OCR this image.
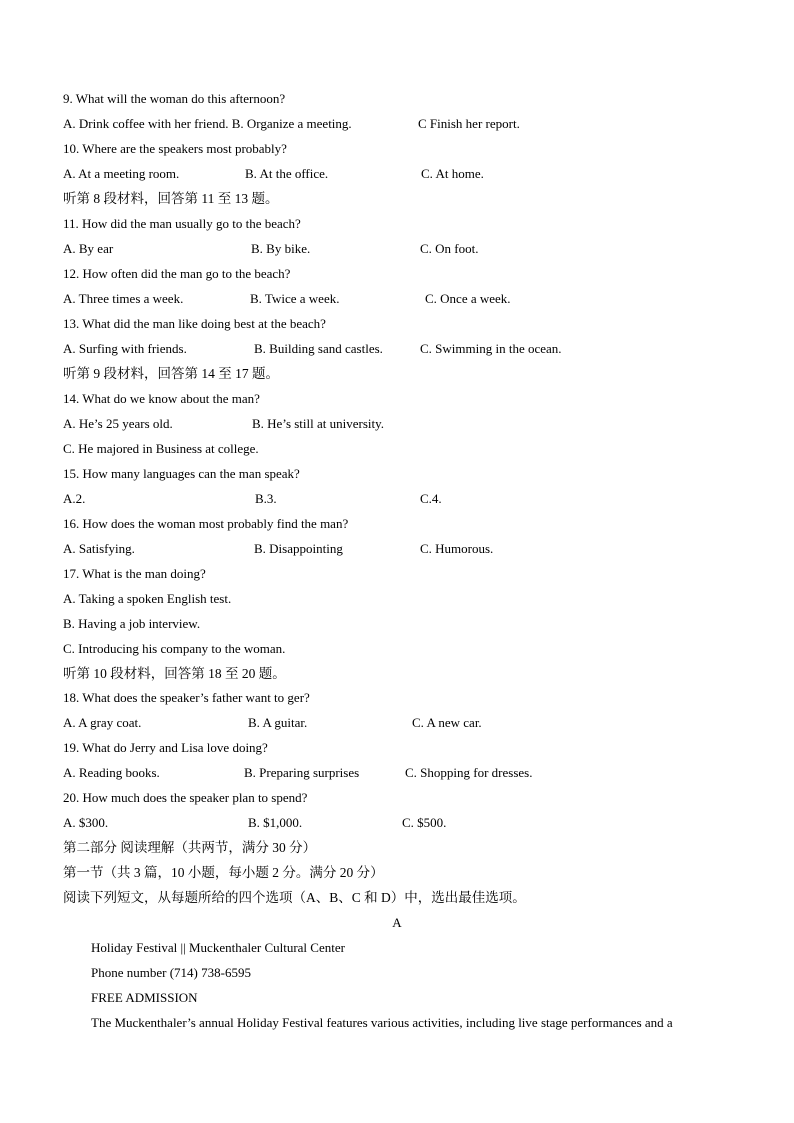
9. What will the woman do this afternoon?
A. Drink coffee with her friend. B. Organize a meeting.	C Finish her report.
10. Where are the speakers most probably?
A. At a meeting room.	B. At the office.	C. At home.
听第 8 段材料，回答第 11 至 13 题。
11. How did the man usually go to the beach?
A. By ear	B. By bike.	C. On foot.
12. How often did the man go to the beach?
A. Three times a week.	B. Twice a week.	C. Once a week.
13. What did the man like doing best at the beach?
A. Surfing with friends.	B. Building sand castles.	C. Swimming in the ocean.
听第 9 段材料，回答第 14 至 17 题。
14. What do we know about the man?
A. He’s 25 years old.	B. He’s still at university.
C. He majored in Business at college.
15. How many languages can the man speak?
A.2.	B.3.	C.4.
16. How does the woman most probably find the man?
A. Satisfying.	B. Disappointing	C. Humorous.
17. What is the man doing?
A. Taking a spoken English test.
B. Having a job interview.
C. Introducing his company to the woman.
听第 10 段材料，回答第 18 至 20 题。
18. What does the speaker’s father want to ger?
A. A gray coat.	B. A guitar.	C. A new car.
19. What do Jerry and Lisa love doing?
A. Reading books.	B. Preparing surprises	C. Shopping for dresses.
20. How much does the speaker plan to spend?
A. $300.	B. $1,000.	C. $500.
第二部分 阅读理解（共两节，满分 30 分）
第一节（共 3 篇，10 小题，每小题 2 分。满分 20 分）
阅读下列短文，从每题所给的四个选项（A、B、C 和 D）中，选出最佳选项。
A
Holiday Festival || Muckenthaler Cultural Center
Phone number (714) 738-6595
FREE ADMISSION
The Muckenthaler’s annual Holiday Festival features various activities, including live stage performances and a
